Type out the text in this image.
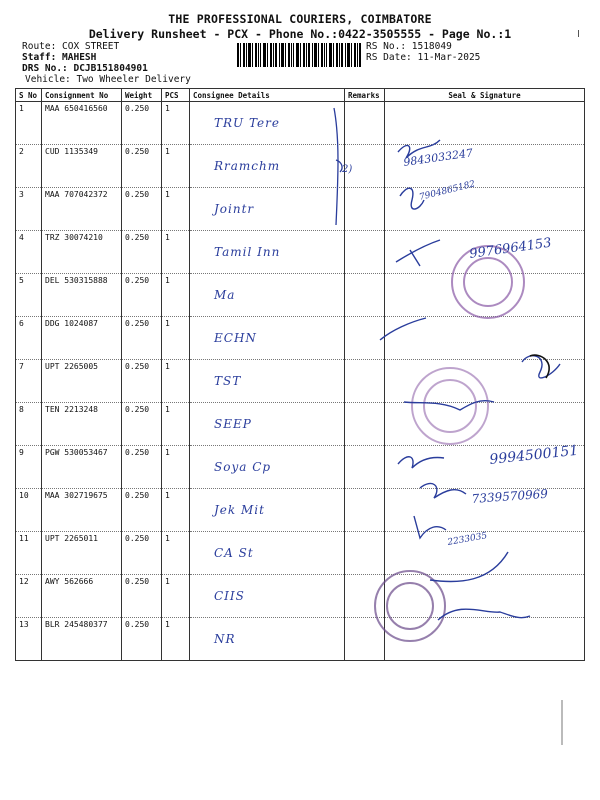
THE PROFESSIONAL COURIERS, COIMBATORE
Delivery Runsheet - PCX - Phone No.:0422-3505555 - Page No.:1
Route: COX STREET
Staff: MAHESH
DRS No.: DCJB151804901
Vehicle: Two Wheeler Delivery
RS No.: 1518049
RS Date: 11-Mar-2025
S No	Consignment No	Weight	PCS	Consignee Details	Remarks	Seal & Signature
1	MAA 650416560	0.250	1	TRU Tere		

2	CUD 1135349	0.250	1	Rramchm		

3	MAA 707042372	0.250	1	Jointr		

4	TRZ 30074210	0.250	1	Tamil Inn		

5	DEL 530315888	0.250	1	Ma		

6	DDG 1024087	0.250	1	ECHN		

7	UPT 2265005	0.250	1	TST		

8	TEN 2213248	0.250	1	SEEP		

9	PGW 530053467	0.250	1	Soya Cp		

10	MAA 302719675	0.250	1	Jek Mit		

11	UPT 2265011	0.250	1	CA St		

12	AWY 562666	0.250	1	CIIS		

13	BLR 245480377	0.250	1	NR		

2)
9843033247
7904865182
9976964153
9994500151
7339570969
2233035
